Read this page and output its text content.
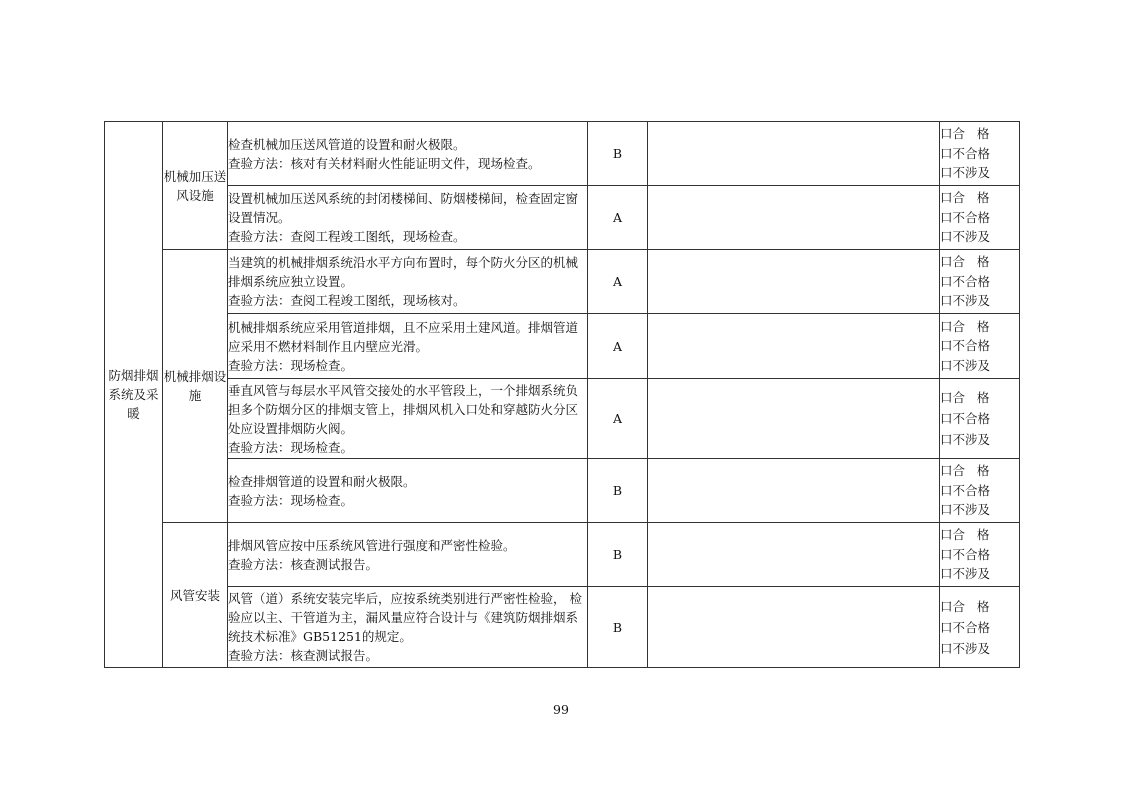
防烟排烟系统及采暖	机械加压送风设施	检查机械加压送风管道的设置和耐火极限。
查验方法：核对有关材料耐火性能证明文件，现场检查。	B		口合   格
口不合格
口不涉及

		设置机械加压送风系统的封闭楼梯间、防烟楼梯间，检查固定窗设置情况。
查验方法：查阅工程竣工图纸，现场检查。	A		口合   格
口不合格
口不涉及

	机械排烟设施	当建筑的机械排烟系统沿水平方向布置时，每个防火分区的机械排烟系统应独立设置。
查验方法：查阅工程竣工图纸，现场核对。	A		口合   格
口不合格
口不涉及

		机械排烟系统应采用管道排烟，且不应采用土建风道。排烟管道应采用不燃材料制作且内壁应光滑。
查验方法：现场检查。	A		口合   格
口不合格
口不涉及

		垂直风管与每层水平风管交接处的水平管段上，一个排烟系统负担多个防烟分区的排烟支管上，排烟风机入口处和穿越防火分区处应设置排烟防火阀。
查验方法：现场检查。	A		口合   格
口不合格
口不涉及

		检查排烟管道的设置和耐火极限。
查验方法：现场检查。	B		口合   格
口不合格
口不涉及

	风管安装	排烟风管应按中压系统风管进行强度和严密性检验。
查验方法：核查测试报告。	B		口合   格
口不合格
口不涉及

		风管（道）系统安装完毕后，应按系统类别进行严密性检验， 检验应以主、干管道为主，漏风量应符合设计与《建筑防烟排烟系统技术标准》GB51251的规定。
查验方法：核查测试报告。	B		口合   格
口不合格
口不涉及
99
